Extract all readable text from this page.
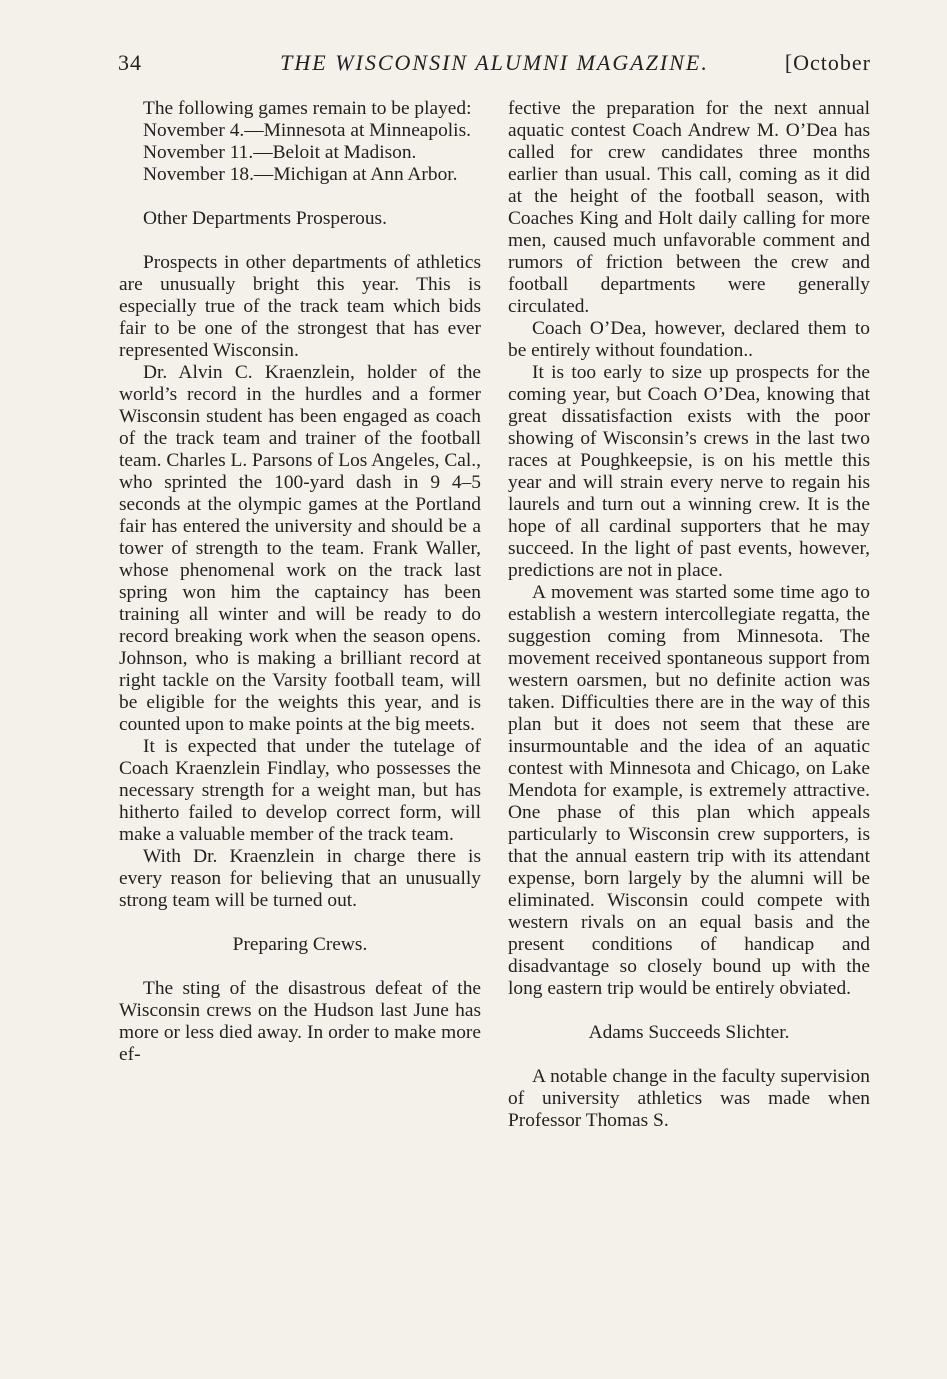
34	THE WISCONSIN ALUMNI MAGAZINE.	[October

The following games remain to be played:

November 4.—Minnesota at Minneapolis.

November 11.—Beloit at Madison.

November 18.—Michigan at Ann Arbor.

Other Departments Prosperous.

Prospects in other departments of athletics are unusually bright this year. This is especially true of the track team which bids fair to be one of the strongest that has ever represented Wisconsin.

Dr. Alvin C. Kraenzlein, holder of the world’s record in the hurdles and a former Wisconsin student has been engaged as coach of the track team and trainer of the football team. Charles L. Parsons of Los Angeles, Cal., who sprinted the 100-yard dash in 9 4–5 seconds at the olympic games at the Portland fair has entered the university and should be a tower of strength to the team. Frank Waller, whose phenomenal work on the track last spring won him the captaincy has been training all winter and will be ready to do record breaking work when the season opens. Johnson, who is making a brilliant record at right tackle on the Varsity football team, will be eligible for the weights this year, and is counted upon to make points at the big meets.

It is expected that under the tutelage of Coach Kraenzlein Findlay, who possesses the necessary strength for a weight man, but has hitherto failed to develop correct form, will make a valuable member of the track team.

With Dr. Kraenzlein in charge there is every reason for believing that an unusually strong team will be turned out.

Preparing Crews.

The sting of the disastrous defeat of the Wisconsin crews on the Hudson last June has more or less died away. In order to make more ef-

fective the preparation for the next annual aquatic contest Coach Andrew M. O’Dea has called for crew candidates three months earlier than usual. This call, coming as it did at the height of the football season, with Coaches King and Holt daily calling for more men, caused much unfavorable comment and rumors of friction between the crew and football departments were generally circulated.

Coach O’Dea, however, declared them to be entirely without foundation..

It is too early to size up prospects for the coming year, but Coach O’Dea, knowing that great dissatisfaction exists with the poor showing of Wisconsin’s crews in the last two races at Poughkeepsie, is on his mettle this year and will strain every nerve to regain his laurels and turn out a winning crew. It is the hope of all cardinal supporters that he may succeed. In the light of past events, however, predictions are not in place.

A movement was started some time ago to establish a western intercollegiate regatta, the suggestion coming from Minnesota. The movement received spontaneous support from western oarsmen, but no definite action was taken. Difficulties there are in the way of this plan but it does not seem that these are insurmountable and the idea of an aquatic contest with Minnesota and Chicago, on Lake Mendota for example, is extremely attractive. One phase of this plan which appeals particularly to Wisconsin crew supporters, is that the annual eastern trip with its attendant expense, born largely by the alumni will be eliminated. Wisconsin could compete with western rivals on an equal basis and the present conditions of handicap and disadvantage so closely bound up with the long eastern trip would be entirely obviated.

Adams Succeeds Slichter.

A notable change in the faculty supervision of university athletics was made when Professor Thomas S.
